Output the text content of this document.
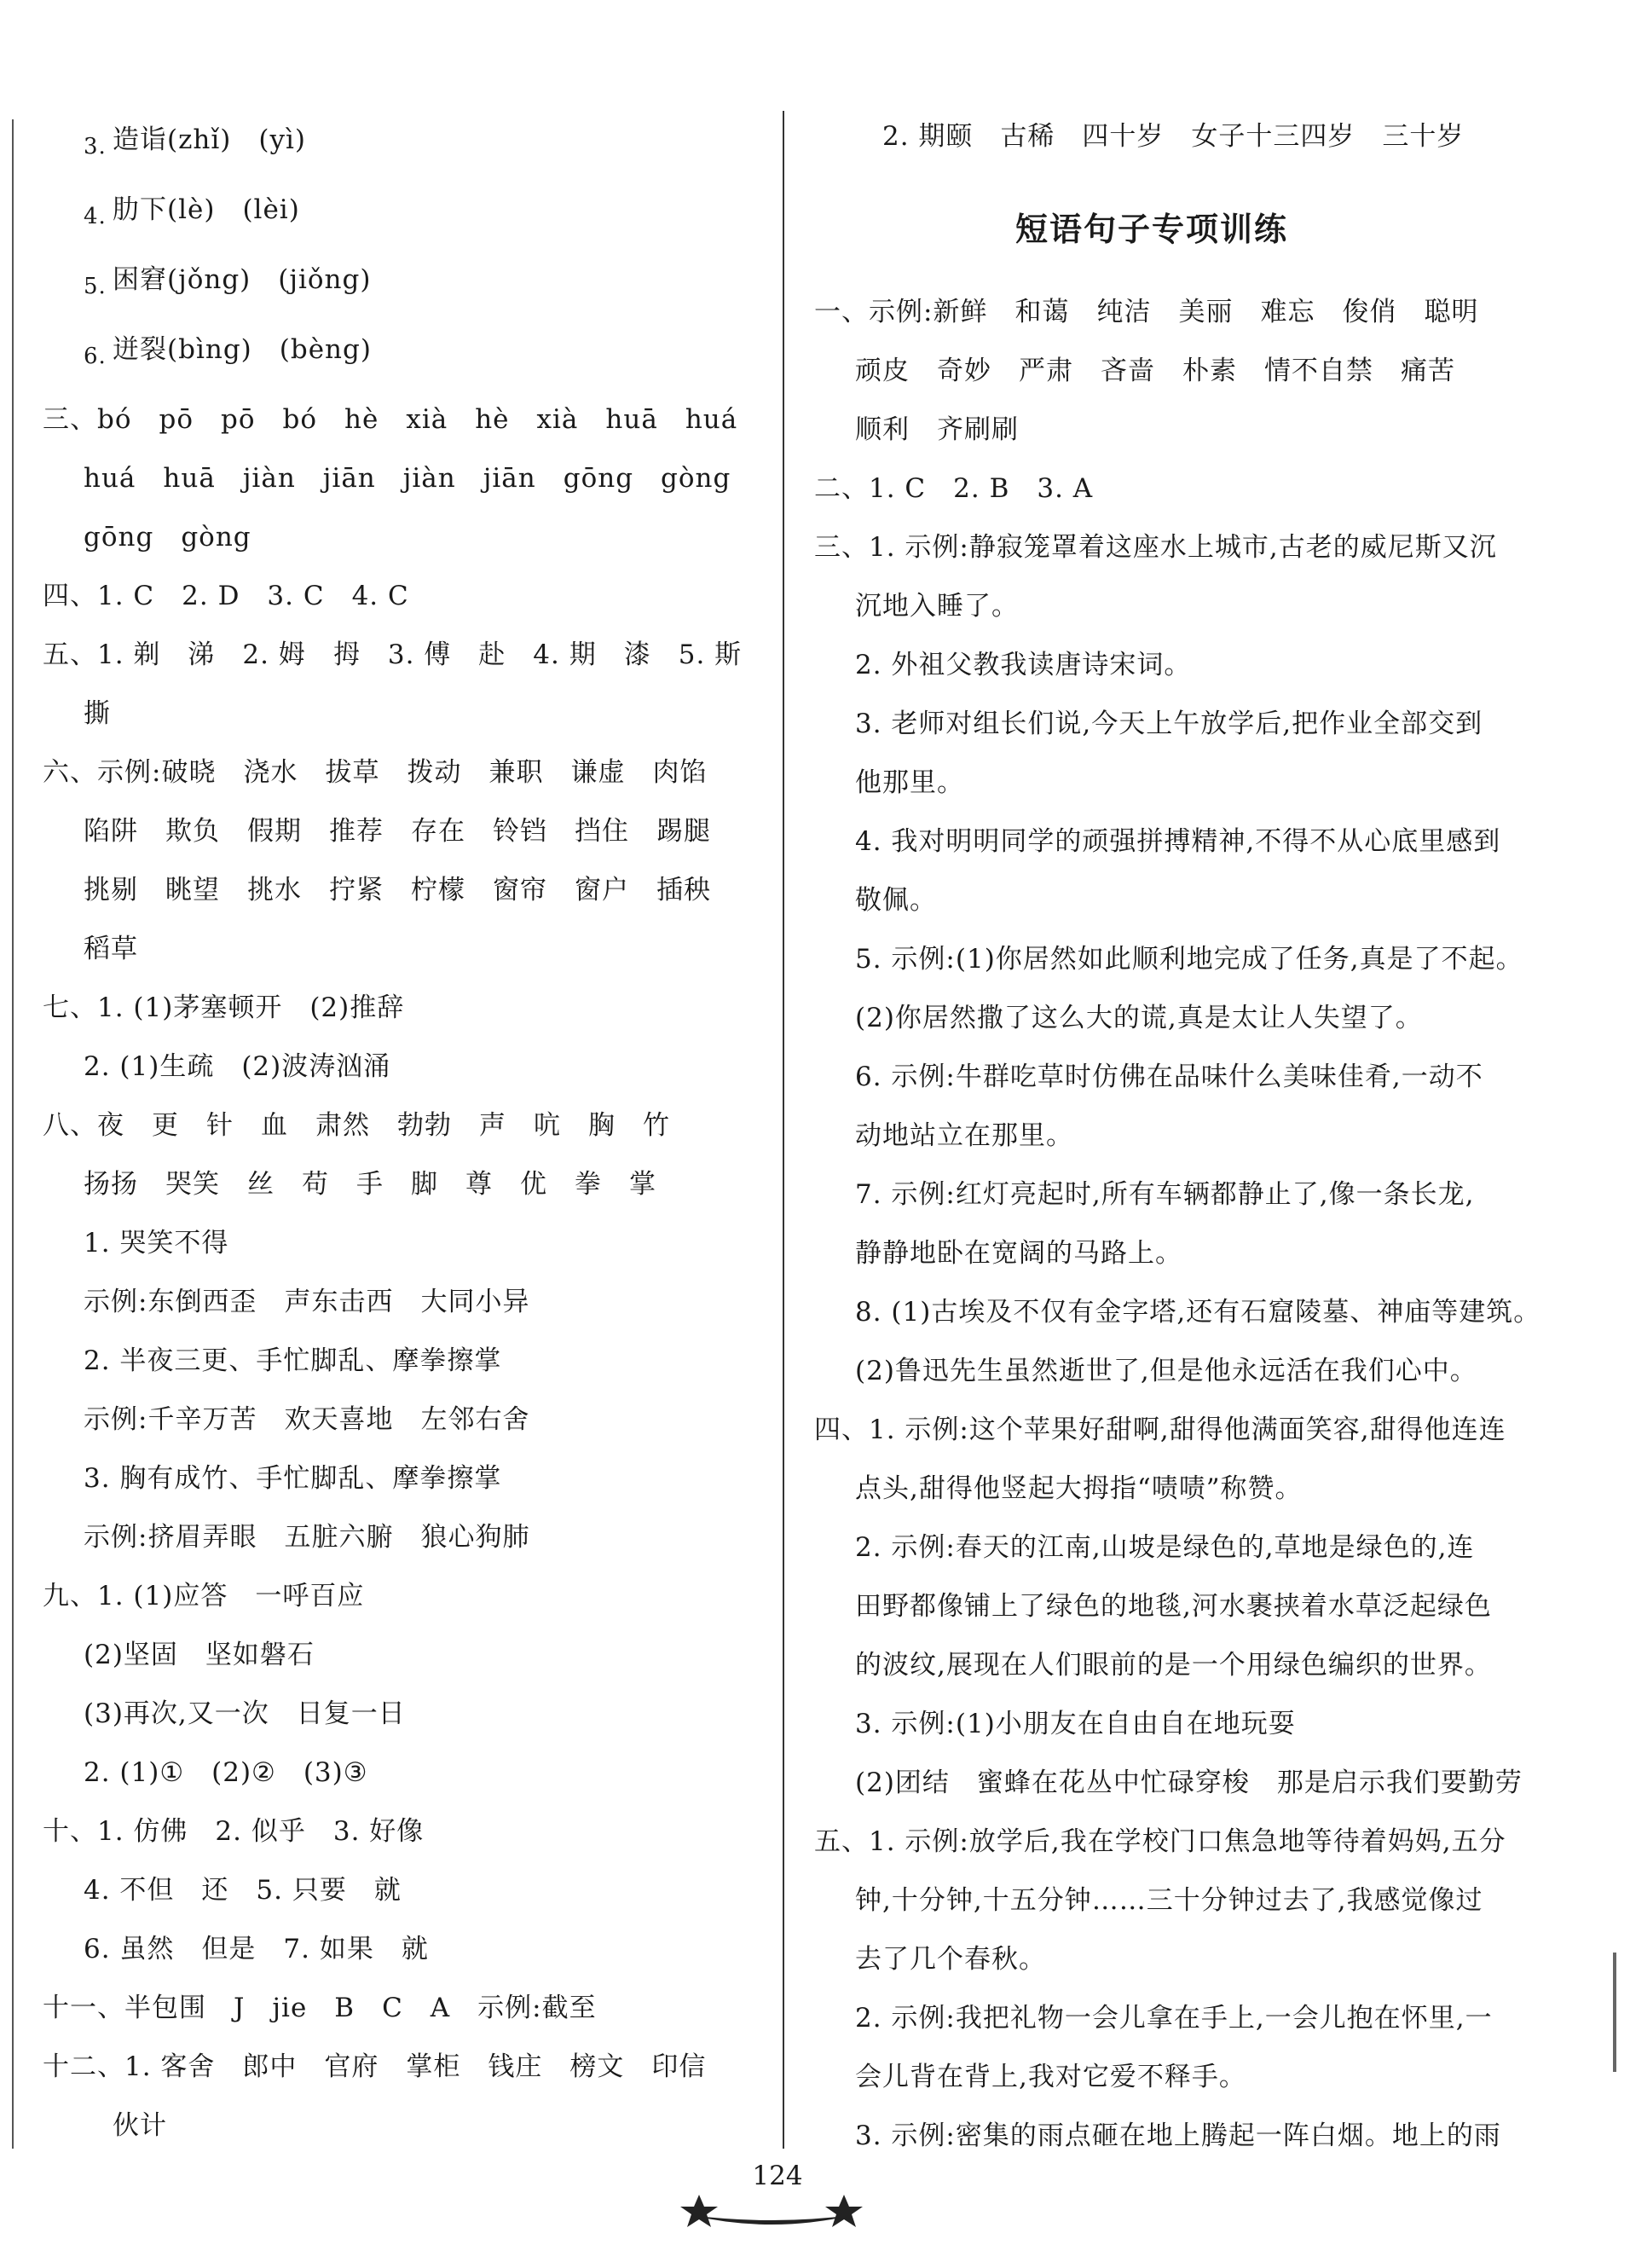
3. 造诣(zhǐ)　(yì)
4. 肋下(lè)　(lèi)
5. 困窘(jǒng)　(jiǒng)
6. 迸裂(bìng)　(bèng)
三、bó　pō　pō　bó　hè　xià　hè　xià　huā　huá
huá　huā　jiàn　jiān　jiàn　jiān　gōng　gòng
gōng　gòng
四、1. C　2. D　3. C　4. C
五、1. 剃　涕　2. 姆　拇　3. 傅　赴　4. 期　漆　5. 斯
撕
六、示例:破晓　浇水　拔草　拨动　兼职　谦虚　肉馅
陷阱　欺负　假期　推荐　存在　铃铛　挡住　踢腿
挑剔　眺望　挑水　拧紧　柠檬　窗帘　窗户　插秧
稻草
七、1. (1)茅塞顿开　(2)推辞
2. (1)生疏　(2)波涛汹涌
八、夜　更　针　血　肃然　勃勃　声　吭　胸　竹
扬扬　哭笑　丝　苟　手　脚　尊　优　拳　掌
1. 哭笑不得
示例:东倒西歪　声东击西　大同小异
2. 半夜三更、手忙脚乱、摩拳擦掌
示例:千辛万苦　欢天喜地　左邻右舍
3. 胸有成竹、手忙脚乱、摩拳擦掌
示例:挤眉弄眼　五脏六腑　狼心狗肺
九、1. (1)应答　一呼百应
(2)坚固　坚如磐石
(3)再次,又一次　日复一日
2. (1)①　(2)②　(3)③
十、1. 仿佛　2. 似乎　3. 好像
4. 不但　还　5. 只要　就
6. 虽然　但是　7. 如果　就
十一、半包围　J　jie　B　C　A　示例:截至
十二、1. 客舍　郎中　官府　掌柜　钱庄　榜文　印信
伙计
2. 期颐　古稀　四十岁　女子十三四岁　三十岁
短语句子专项训练
一、示例:新鲜　和蔼　纯洁　美丽　难忘　俊俏　聪明
顽皮　奇妙　严肃　吝啬　朴素　情不自禁　痛苦
顺利　齐刷刷
二、1. C　2. B　3. A
三、1. 示例:静寂笼罩着这座水上城市,古老的威尼斯又沉
沉地入睡了。
2. 外祖父教我读唐诗宋词。
3. 老师对组长们说,今天上午放学后,把作业全部交到
他那里。
4. 我对明明同学的顽强拼搏精神,不得不从心底里感到
敬佩。
5. 示例:(1)你居然如此顺利地完成了任务,真是了不起。
(2)你居然撒了这么大的谎,真是太让人失望了。
6. 示例:牛群吃草时仿佛在品味什么美味佳肴,一动不
动地站立在那里。
7. 示例:红灯亮起时,所有车辆都静止了,像一条长龙,
静静地卧在宽阔的马路上。
8. (1)古埃及不仅有金字塔,还有石窟陵墓、神庙等建筑。
(2)鲁迅先生虽然逝世了,但是他永远活在我们心中。
四、1. 示例:这个苹果好甜啊,甜得他满面笑容,甜得他连连
点头,甜得他竖起大拇指“啧啧”称赞。
2. 示例:春天的江南,山坡是绿色的,草地是绿色的,连
田野都像铺上了绿色的地毯,河水裹挟着水草泛起绿色
的波纹,展现在人们眼前的是一个用绿色编织的世界。
3. 示例:(1)小朋友在自由自在地玩耍
(2)团结　蜜蜂在花丛中忙碌穿梭　那是启示我们要勤劳
五、1. 示例:放学后,我在学校门口焦急地等待着妈妈,五分
钟,十分钟,十五分钟……三十分钟过去了,我感觉像过
去了几个春秋。
2. 示例:我把礼物一会儿拿在手上,一会儿抱在怀里,一
会儿背在背上,我对它爱不释手。
3. 示例:密集的雨点砸在地上腾起一阵白烟。地上的雨
124
